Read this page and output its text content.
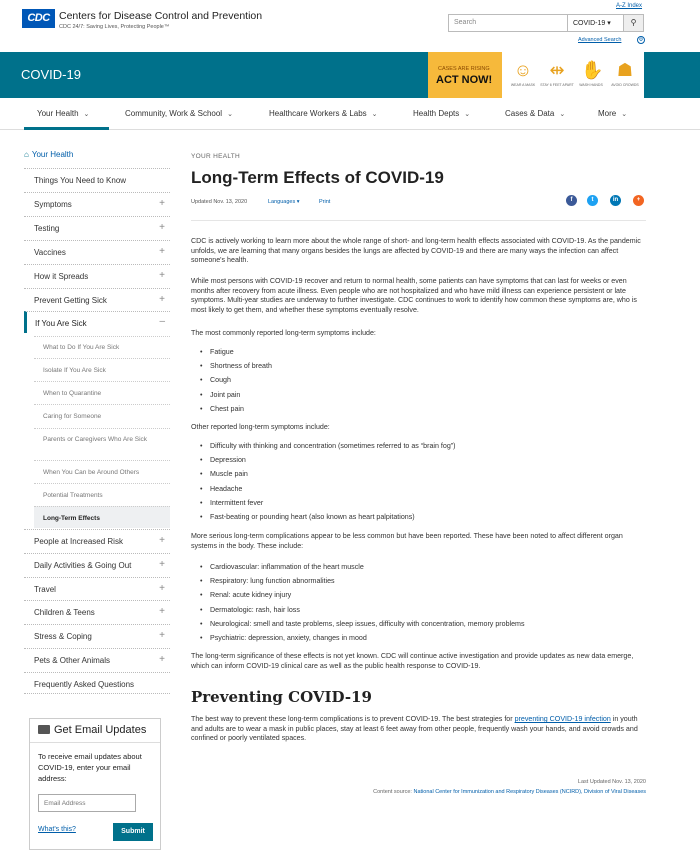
CDC Centers for Disease Control and Prevention
CDC 24/7: Saving Lives, Protecting People™
A-Z Index
Search	COVID-19 ▾	⚲
Advanced Search	⚙
COVID-19	CASES ARE RISING
ACT NOW! ☺
WEAR A MASK
⇹
STAY 6 FEET APART
✋
WASH HANDS
☗
AVOID CROWDS
Your Health ⌄	Community, Work & School ⌄	Healthcare Workers & Labs ⌄	Health Depts ⌄	Cases & Data ⌄	More ⌄
⌂ Your Health
Things You Need to Know
Symptoms	+
Testing	+
Vaccines	+
How it Spreads	+
Prevent Getting Sick	+
If You Are Sick	–
What to Do If You Are Sick
Isolate If You Are Sick
When to Quarantine
Caring for Someone
Parents or Caregivers Who Are Sick
When You Can be Around Others
Potential Treatments
Long-Term Effects
People at Increased Risk	+
Daily Activities & Going Out	+
Travel	+
Children & Teens	+
Stress & Coping	+
Pets & Other Animals	+
Frequently Asked Questions
Get Email Updates
To receive email updates about COVID-19, enter your email address:
Email Address
What's this?	Submit
YOUR HEALTH
Long-Term Effects of COVID-19
Updated Nov. 13, 2020	Languages ▾	Print	f	t	in	+

CDC is actively working to learn more about the whole range of short- and long-term health effects associated with COVID-19. As the pandemic unfolds, we are learning that many organs besides the lungs are affected by COVID-19 and there are many ways the infection can affect someone's health.

While most persons with COVID-19 recover and return to normal health, some patients can have symptoms that can last for weeks or even months after recovery from acute illness. Even people who are not hospitalized and who have mild illness can experience persistent or late symptoms. Multi-year studies are underway to further investigate. CDC continues to work to identify how common these symptoms are, who is most likely to get them, and whether these symptoms eventually resolve.

The most commonly reported long-term symptoms include:

• Fatigue
• Shortness of breath
• Cough
• Joint pain
• Chest pain

Other reported long-term symptoms include:

• Difficulty with thinking and concentration (sometimes referred to as “brain fog”)
• Depression
• Muscle pain
• Headache
• Intermittent fever
• Fast-beating or pounding heart (also known as heart palpitations)

More serious long-term complications appear to be less common but have been reported. These have been noted to affect different organ systems in the body. These include:

• Cardiovascular: inflammation of the heart muscle
• Respiratory: lung function abnormalities
• Renal: acute kidney injury
• Dermatologic: rash, hair loss
• Neurological: smell and taste problems, sleep issues, difficulty with concentration, memory problems
• Psychiatric: depression, anxiety, changes in mood

The long-term significance of these effects is not yet known. CDC will continue active investigation and provide updates as new data emerge, which can inform COVID-19 clinical care as well as the public health response to COVID-19.

Preventing COVID-19

The best way to prevent these long-term complications is to prevent COVID-19. The best strategies for preventing COVID-19 infection in youth and adults are to wear a mask in public places, stay at least 6 feet away from other people, frequently wash your hands, and avoid crowds and confined or poorly ventilated spaces.

Last Updated Nov. 13, 2020
Content source: National Center for Immunization and Respiratory Diseases (NCIRD), Division of Viral Diseases
